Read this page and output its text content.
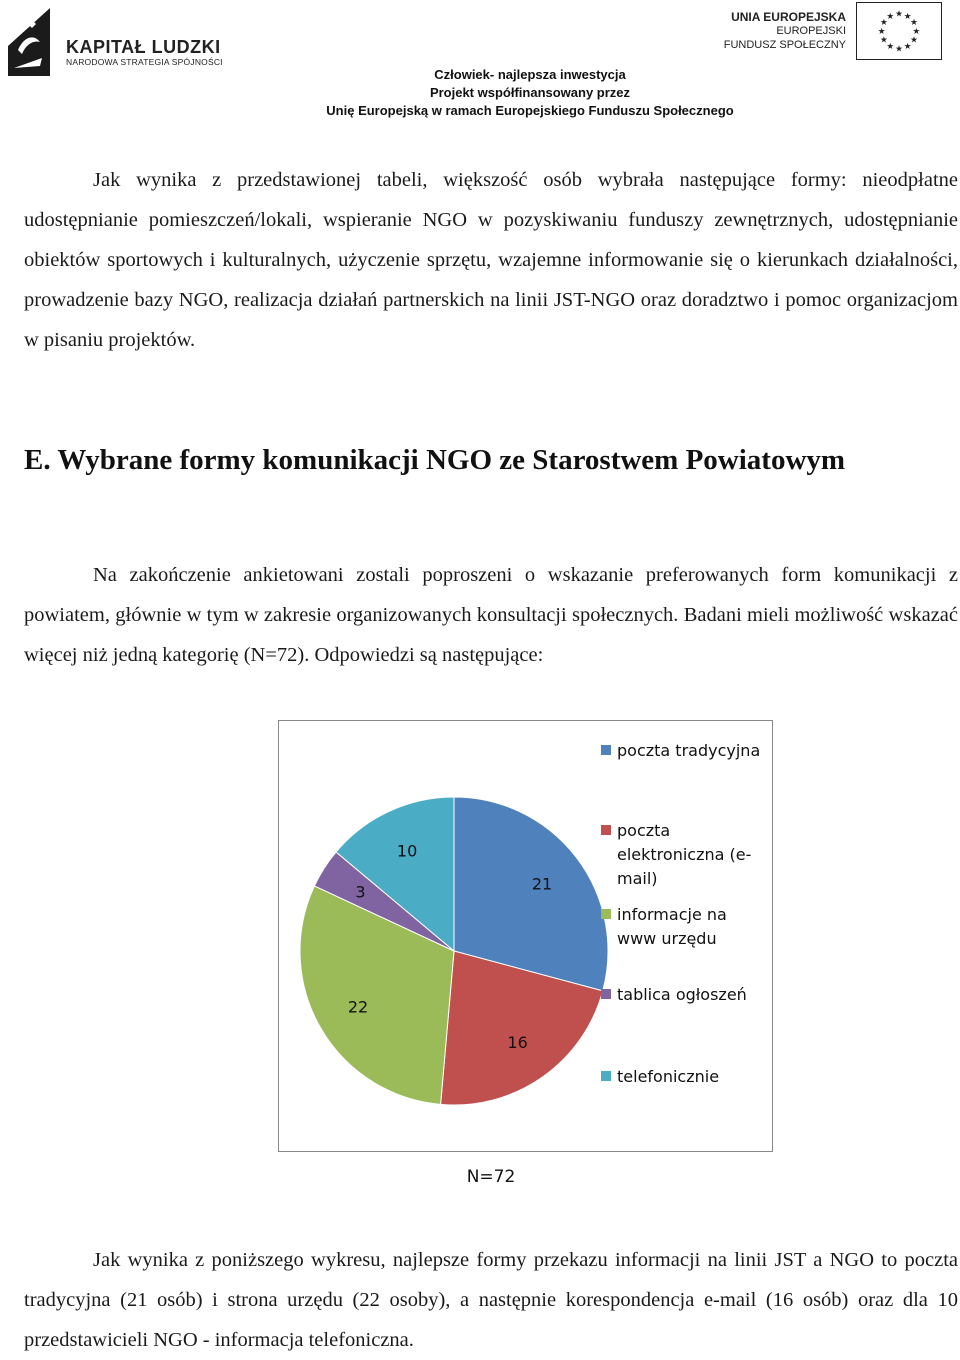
KAPITAŁ LUDZKI
NARODOWA STRATEGIA SPÓJNOŚCI
UNIA EUROPEJSKA
EUROPEJSKI
FUNDUSZ SPOŁECZNY
★ ★
★
★
★
★
★
★
★
★
★
★
Człowiek- najlepsza inwestycja
Projekt współfinansowany przez
Unię Europejską w ramach Europejskiego Funduszu Społecznego
Jak wynika z przedstawionej tabeli, większość osób wybrała następujące formy: nieodpłatne udostępnianie pomieszczeń/lokali, wspieranie NGO w pozyskiwaniu funduszy zewnętrznych, udostępnianie obiektów sportowych i kulturalnych, użyczenie sprzętu, wzajemne informowanie się o kierunkach działalności, prowadzenie bazy NGO, realizacja działań partnerskich na linii JST-NGO oraz doradztwo i pomoc organizacjom w pisaniu projektów.
E. Wybrane formy komunikacji NGO ze Starostwem Powiatowym
Na zakończenie ankietowani zostali poproszeni o wskazanie preferowanych form komunikacji z powiatem, głównie w tym w zakresie organizowanych konsultacji społecznych. Badani mieli możliwość wskazać więcej niż jedną kategorię (N=72). Odpowiedzi są następujące:
21
16
22
3
10
poczta tradycyjna
poczta elektroniczna (e-mail)
informacje na www urzędu
tablica ogłoszeń
telefonicznie
N=72
Jak wynika z poniższego wykresu, najlepsze formy przekazu informacji na linii JST a NGO to poczta tradycyjna (21 osób) i strona urzędu (22 osoby), a następnie korespondencja e-mail (16 osób) oraz dla 10 przedstawicieli NGO - informacja telefoniczna.
